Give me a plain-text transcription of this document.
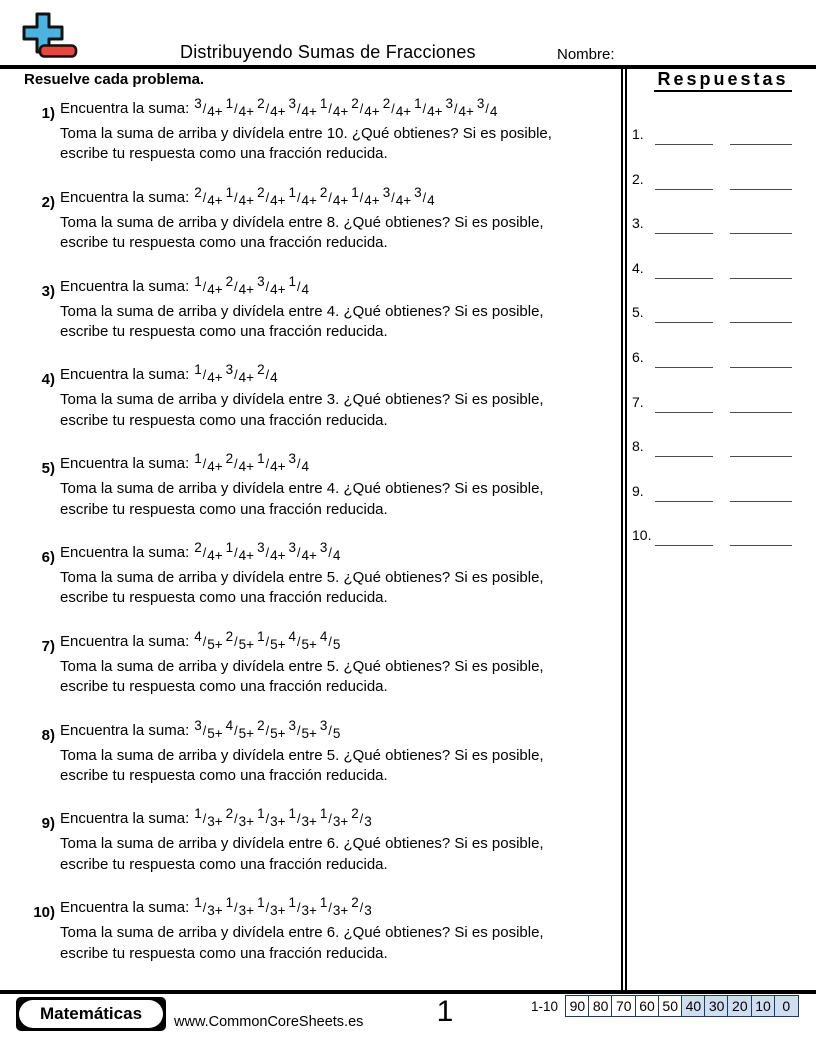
Distribuyendo Sumas de Fracciones	Nombre:
Resuelve cada problema.
1) Encuentra la suma: 3/4+1/4+2/4+3/4+1/4+2/4+2/4+1/4+3/4+3/4
Toma la suma de arriba y divídela entre 10. ¿Qué obtienes? Si es posible,
escribe tu respuesta como una fracción reducida.
2) Encuentra la suma: 2/4+1/4+2/4+1/4+2/4+1/4+3/4+3/4
Toma la suma de arriba y divídela entre 8. ¿Qué obtienes? Si es posible,
escribe tu respuesta como una fracción reducida.
3) Encuentra la suma: 1/4+2/4+3/4+1/4
Toma la suma de arriba y divídela entre 4. ¿Qué obtienes? Si es posible,
escribe tu respuesta como una fracción reducida.
4) Encuentra la suma: 1/4+3/4+2/4
Toma la suma de arriba y divídela entre 3. ¿Qué obtienes? Si es posible,
escribe tu respuesta como una fracción reducida.
5) Encuentra la suma: 1/4+2/4+1/4+3/4
Toma la suma de arriba y divídela entre 4. ¿Qué obtienes? Si es posible,
escribe tu respuesta como una fracción reducida.
6) Encuentra la suma: 2/4+1/4+3/4+3/4+3/4
Toma la suma de arriba y divídela entre 5. ¿Qué obtienes? Si es posible,
escribe tu respuesta como una fracción reducida.
7) Encuentra la suma: 4/5+2/5+1/5+4/5+4/5
Toma la suma de arriba y divídela entre 5. ¿Qué obtienes? Si es posible,
escribe tu respuesta como una fracción reducida.
8) Encuentra la suma: 3/5+4/5+2/5+3/5+3/5
Toma la suma de arriba y divídela entre 5. ¿Qué obtienes? Si es posible,
escribe tu respuesta como una fracción reducida.
9) Encuentra la suma: 1/3+2/3+1/3+1/3+1/3+2/3
Toma la suma de arriba y divídela entre 6. ¿Qué obtienes? Si es posible,
escribe tu respuesta como una fracción reducida.
10) Encuentra la suma: 1/3+1/3+1/3+1/3+1/3+2/3
Toma la suma de arriba y divídela entre 6. ¿Qué obtienes? Si es posible,
escribe tu respuesta como una fracción reducida.
Respuestas
1.
2.
3.
4.
5.
6.
7.
8.
9.
10.
Matemáticas	www.CommonCoreSheets.es	1	1-10 90 80 70 60 50 40 30 20 10 0
